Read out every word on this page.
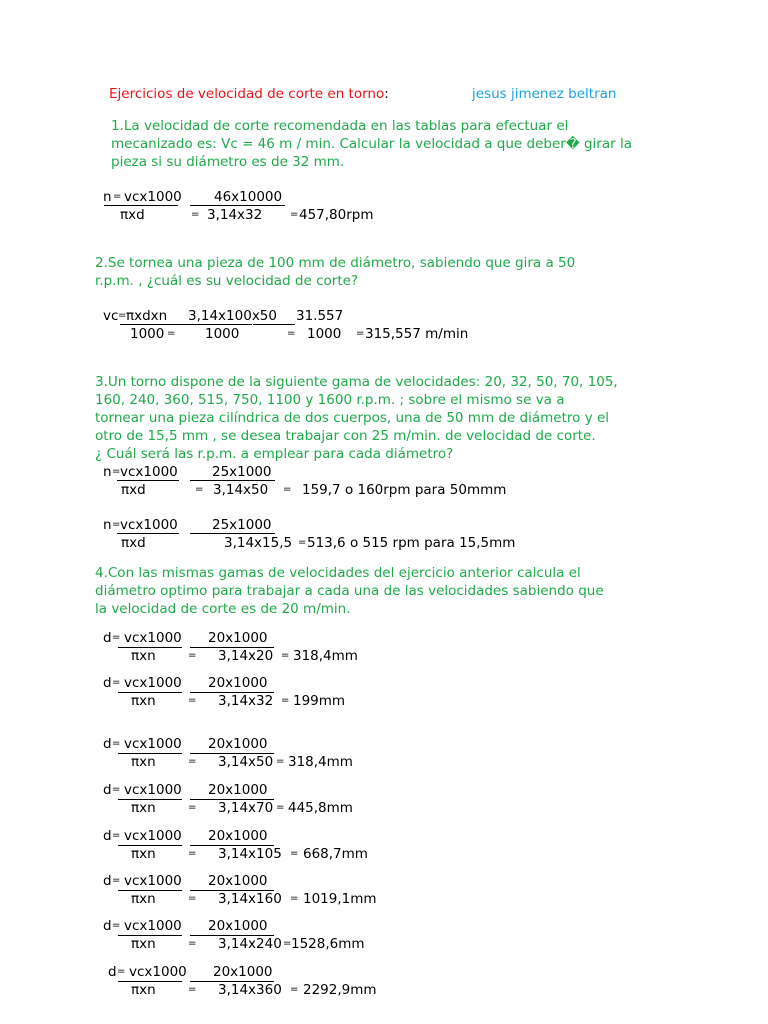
Ejercicios de velocidad de corte en torno:	jesus jimenez beltran
1.La velocidad de corte recomendada en las tablas para efectuar el
mecanizado es: Vc = 46 m / min. Calcular la velocidad a que deber� girar la
pieza si su diámetro es de 32 mm.
n = vcx1000 46x10000
πxd	= 3,14x32	= 457,80rpm
2.Se tornea una pieza de 100 mm de diámetro, sabiendo que gira a 50
r.p.m. , ¿cuál es su velocidad de corte?
vc = πxdxn 3,14x100x50 31.557
1000 = 1000	= 1000 = 315,557 m/min
3.Un torno dispone de la siguiente gama de velocidades: 20, 32, 50, 70, 105,
160, 240, 360, 515, 750, 1100 y 1600 r.p.m. ; sobre el mismo se va a
tornear una pieza cilíndrica de dos cuerpos, una de 50 mm de diámetro y el
otro de 15,5 mm , se desea trabajar con 25 m/min. de velocidad de corte.
¿ Cuál será las r.p.m. a emplear para cada diámetro?
n = vcx1000	25x1000
πxd	= 3,14x50 = 159,7 o 160rpm para 50mmm
n = vcx1000	25x1000
πxd	3,14x15,5 = 513,6 o 515 rpm para 15,5mm
4.Con las mismas gamas de velocidades del ejercicio anterior calcula el
diámetro optimo para trabajar a cada una de las velocidades sabiendo que
la velocidad de corte es de 20 m/min.
d = vcx1000 20x1000
πxn	= 3,14x20 = 318,4mm
d = vcx1000 20x1000
πxn	= 3,14x32 = 199mm
d = vcx1000 20x1000
πxn	= 3,14x50 = 318,4mm
d = vcx1000 20x1000
πxn	= 3,14x70 = 445,8mm
d = vcx1000 20x1000
πxn	= 3,14x105 = 668,7mm
d = vcx1000 20x1000
πxn	= 3,14x160 = 1019,1mm
d = vcx1000 20x1000
πxn	= 3,14x240 = 1528,6mm
d = vcx1000 20x1000
πxn	= 3,14x360 = 2292,9mm
